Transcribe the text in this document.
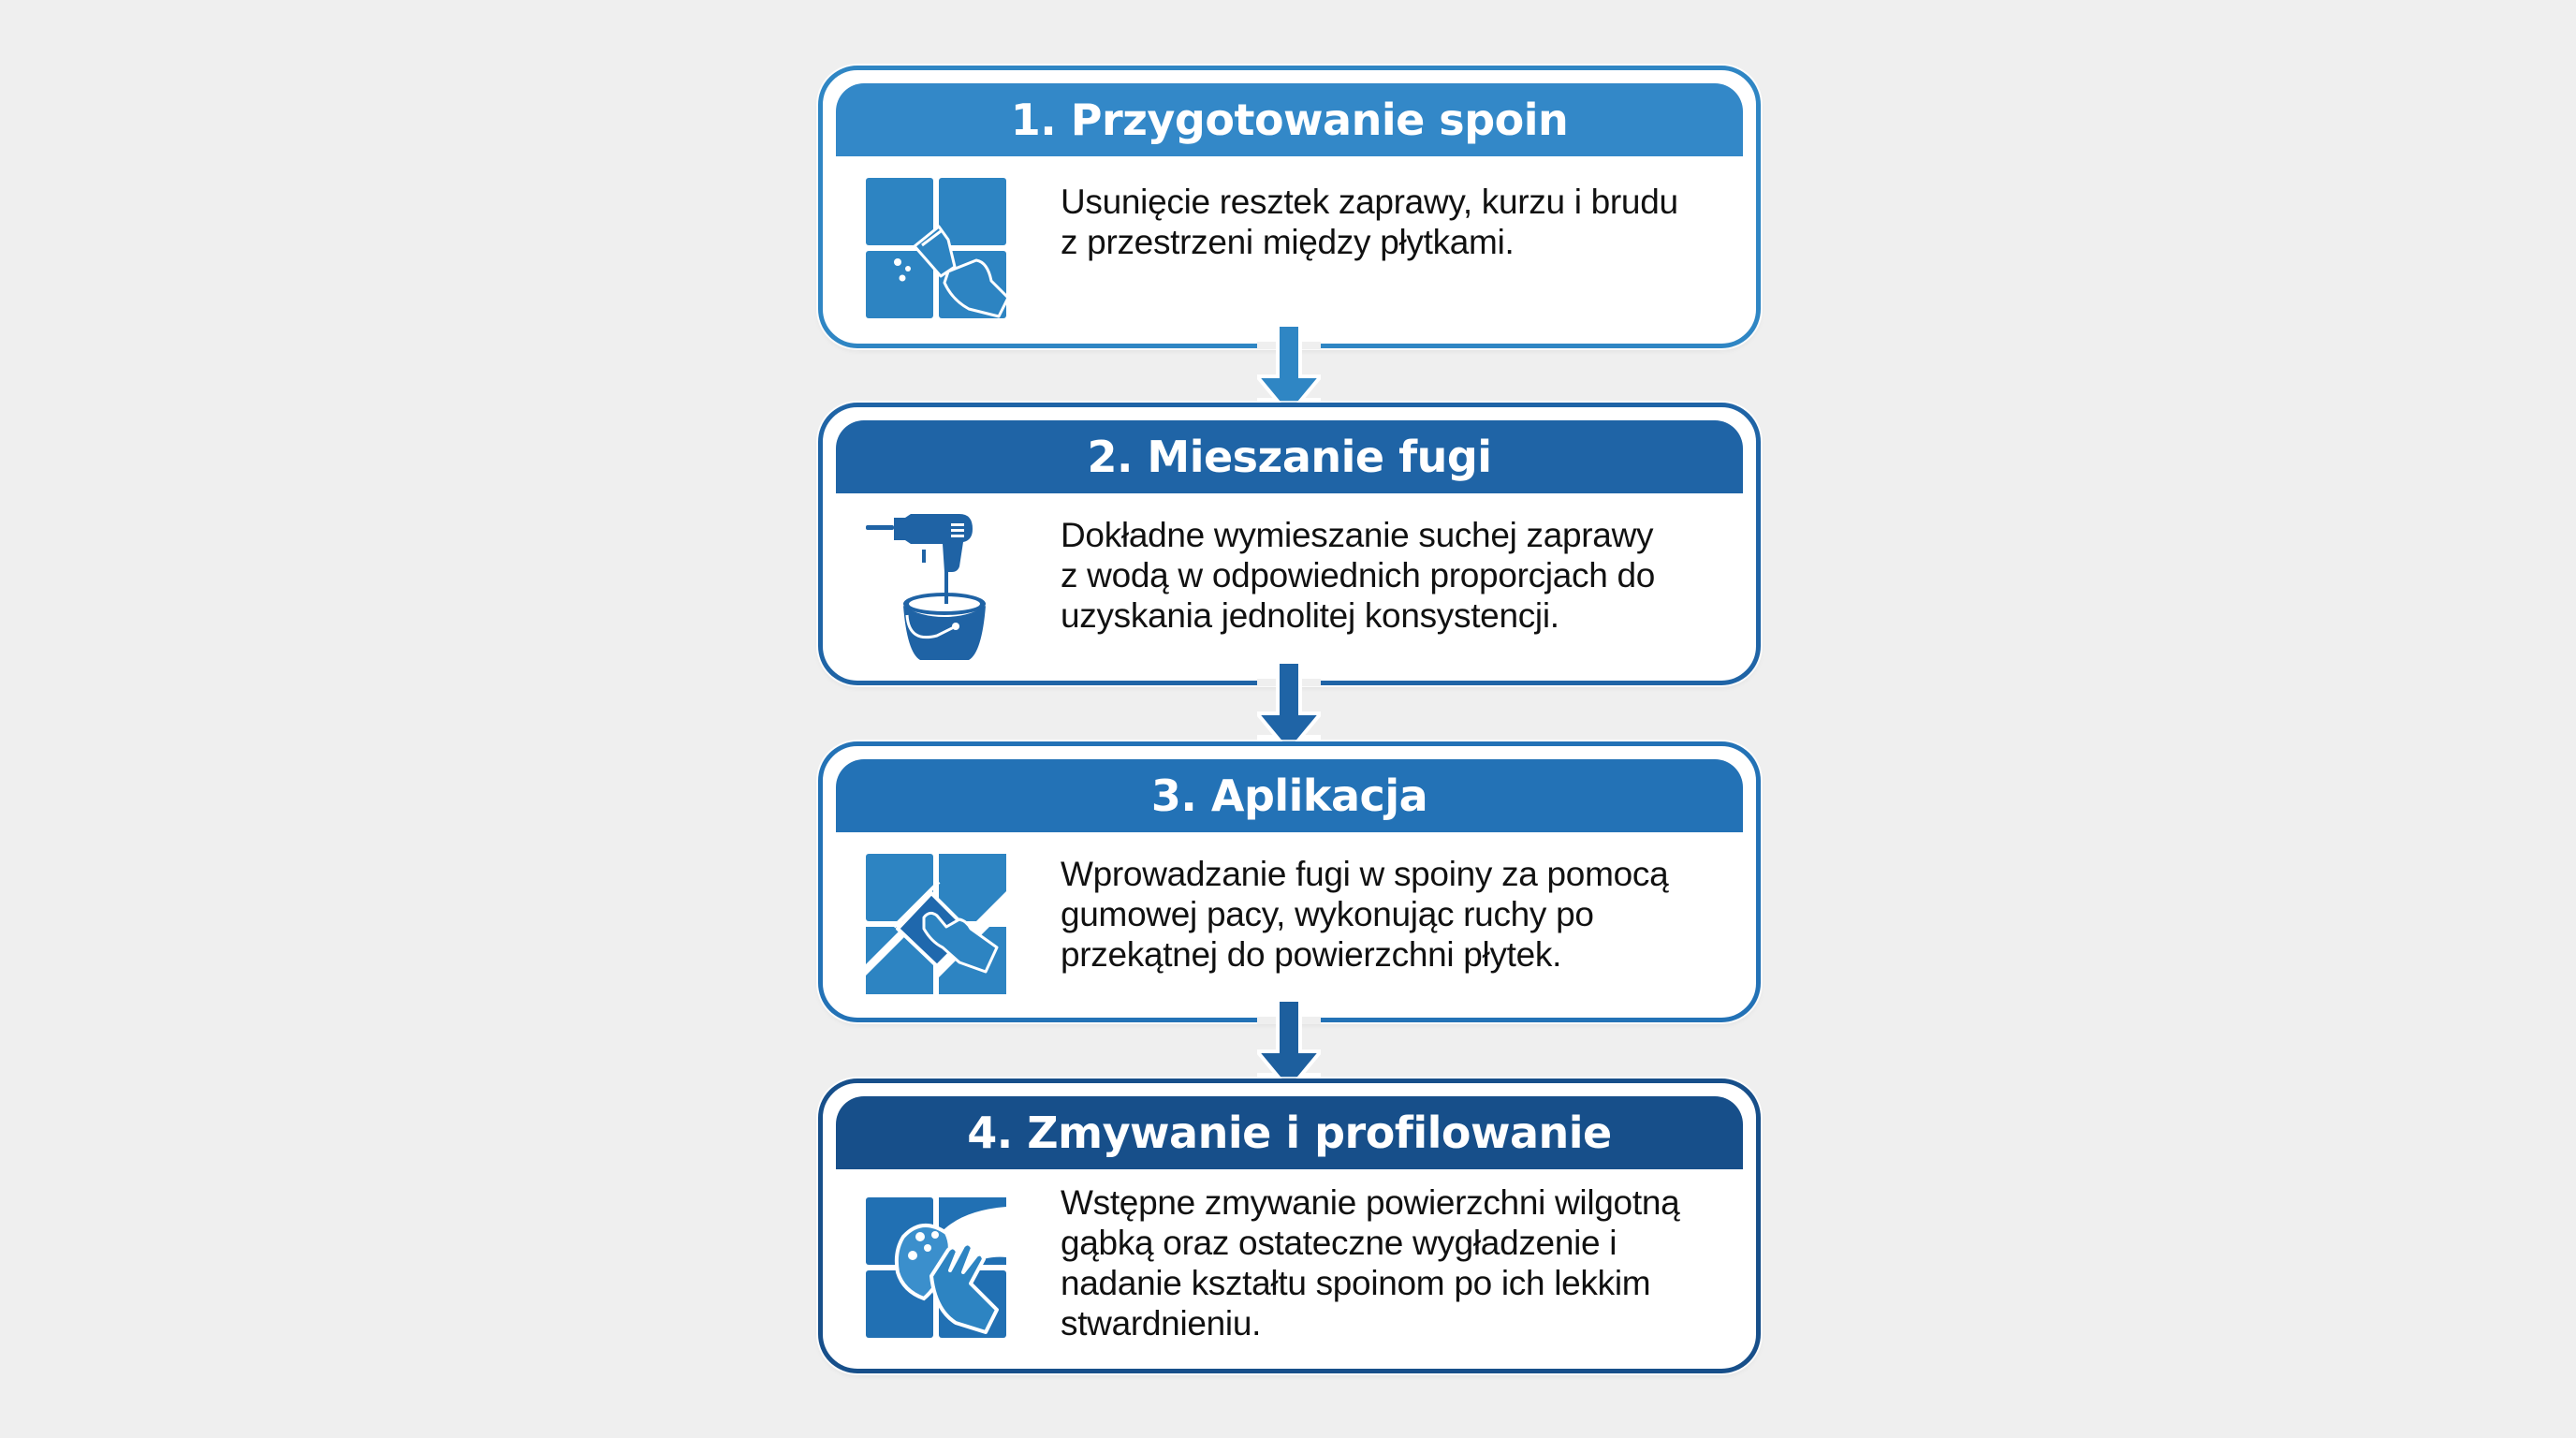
1. Przygotowanie spoin
Usunięcie resztek zaprawy, kurzu i brudu
z przestrzeni między płytkami.
2. Mieszanie fugi
Dokładne wymieszanie suchej zaprawy
z wodą w odpowiednich proporcjach do
uzyskania jednolitej konsystencji.
3. Aplikacja
Wprowadzanie fugi w spoiny za pomocą
gumowej pacy, wykonując ruchy po
przekątnej do powierzchni płytek.
4. Zmywanie i profilowanie
Wstępne zmywanie powierzchni wilgotną
gąbką oraz ostateczne wygładzenie i
nadanie kształtu spoinom po ich lekkim
stwardnieniu.
